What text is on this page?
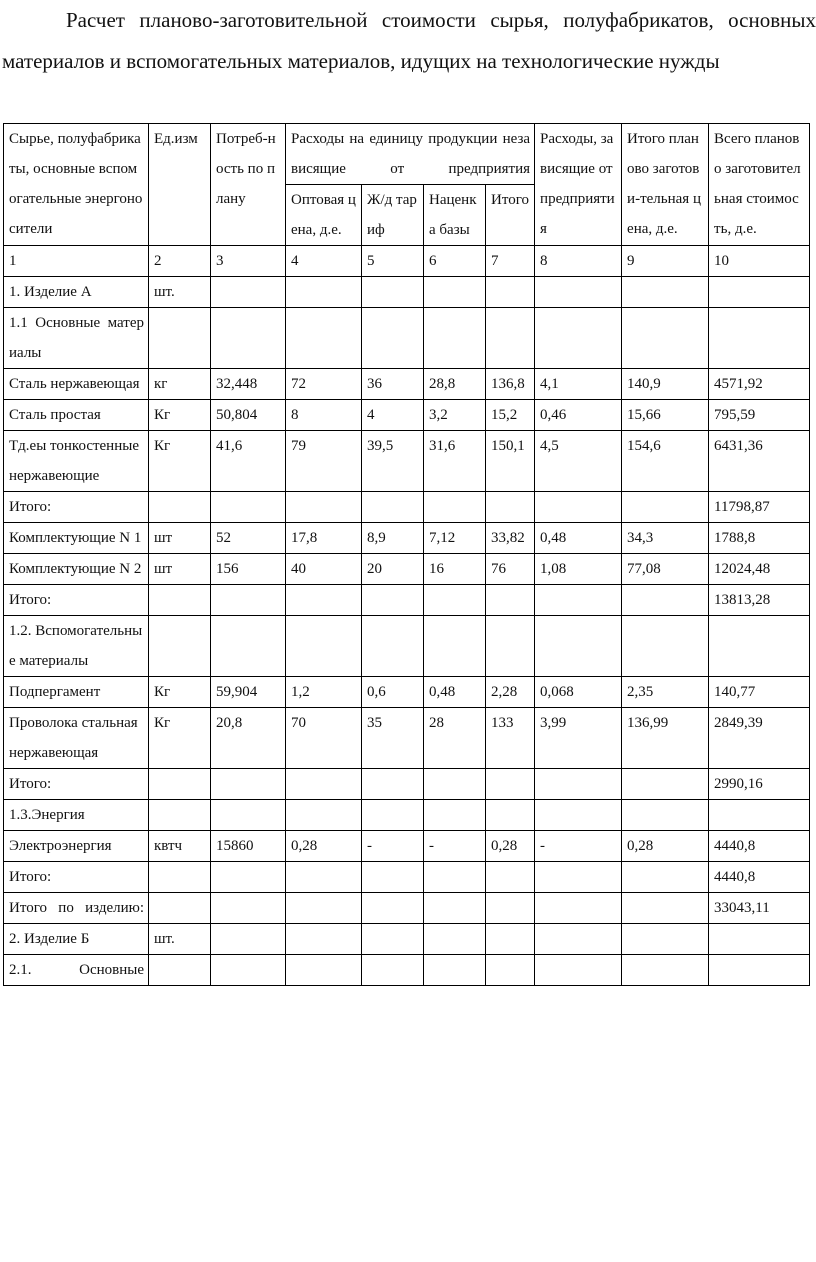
Расчет планово-заготовительной стоимости сырья, полуфабрикатов, основных материалов и вспомогательных материалов, идущих на технологические нужды

Сырье, полуфабрикаты, основные вспомогательные энергоносители	Ед.изм	Потреб-ность по плану	Расходы на единицу продукции независящие от предприятия				Расходы, зависящие от предприятия	Итого планово заготови-тельная цена, д.е.	Всего планово заготовительная стоимость, д.е.
			Оптовая цена, д.е.	Ж/д тариф	Наценка базы	Итого			
1	2	3	4	5	6	7	8	9	10
1. Изделие А	шт.								
1.1 Основные материалы									
Сталь нержавеющая	кг	32,448	72	36	28,8	136,8	4,1	140,9	4571,92
Сталь простая	Кг	50,804	8	4	3,2	15,2	0,46	15,66	795,59
Тд.еы тонкостенные нержавеющие	Кг	41,6	79	39,5	31,6	150,1	4,5	154,6	6431,36
Итого:									11798,87
Комплектующие N 1	шт	52	17,8	8,9	7,12	33,82	0,48	34,3	1788,8
Комплектующие N 2	шт	156	40	20	16	76	1,08	77,08	12024,48
Итого:									13813,28
1.2. Вспомогательные материалы									
Подпергамент	Кг	59,904	1,2	0,6	0,48	2,28	0,068	2,35	140,77
Проволока стальная нержавеющая	Кг	20,8	70	35	28	133	3,99	136,99	2849,39
Итого:									2990,16
1.3.Энергия									
Электроэнергия	квтч	15860	0,28	-	-	0,28	-	0,28	4440,8
Итого:									4440,8
Итого по изделию:									33043,11
2. Изделие Б	шт.								
2.1. Основные									
